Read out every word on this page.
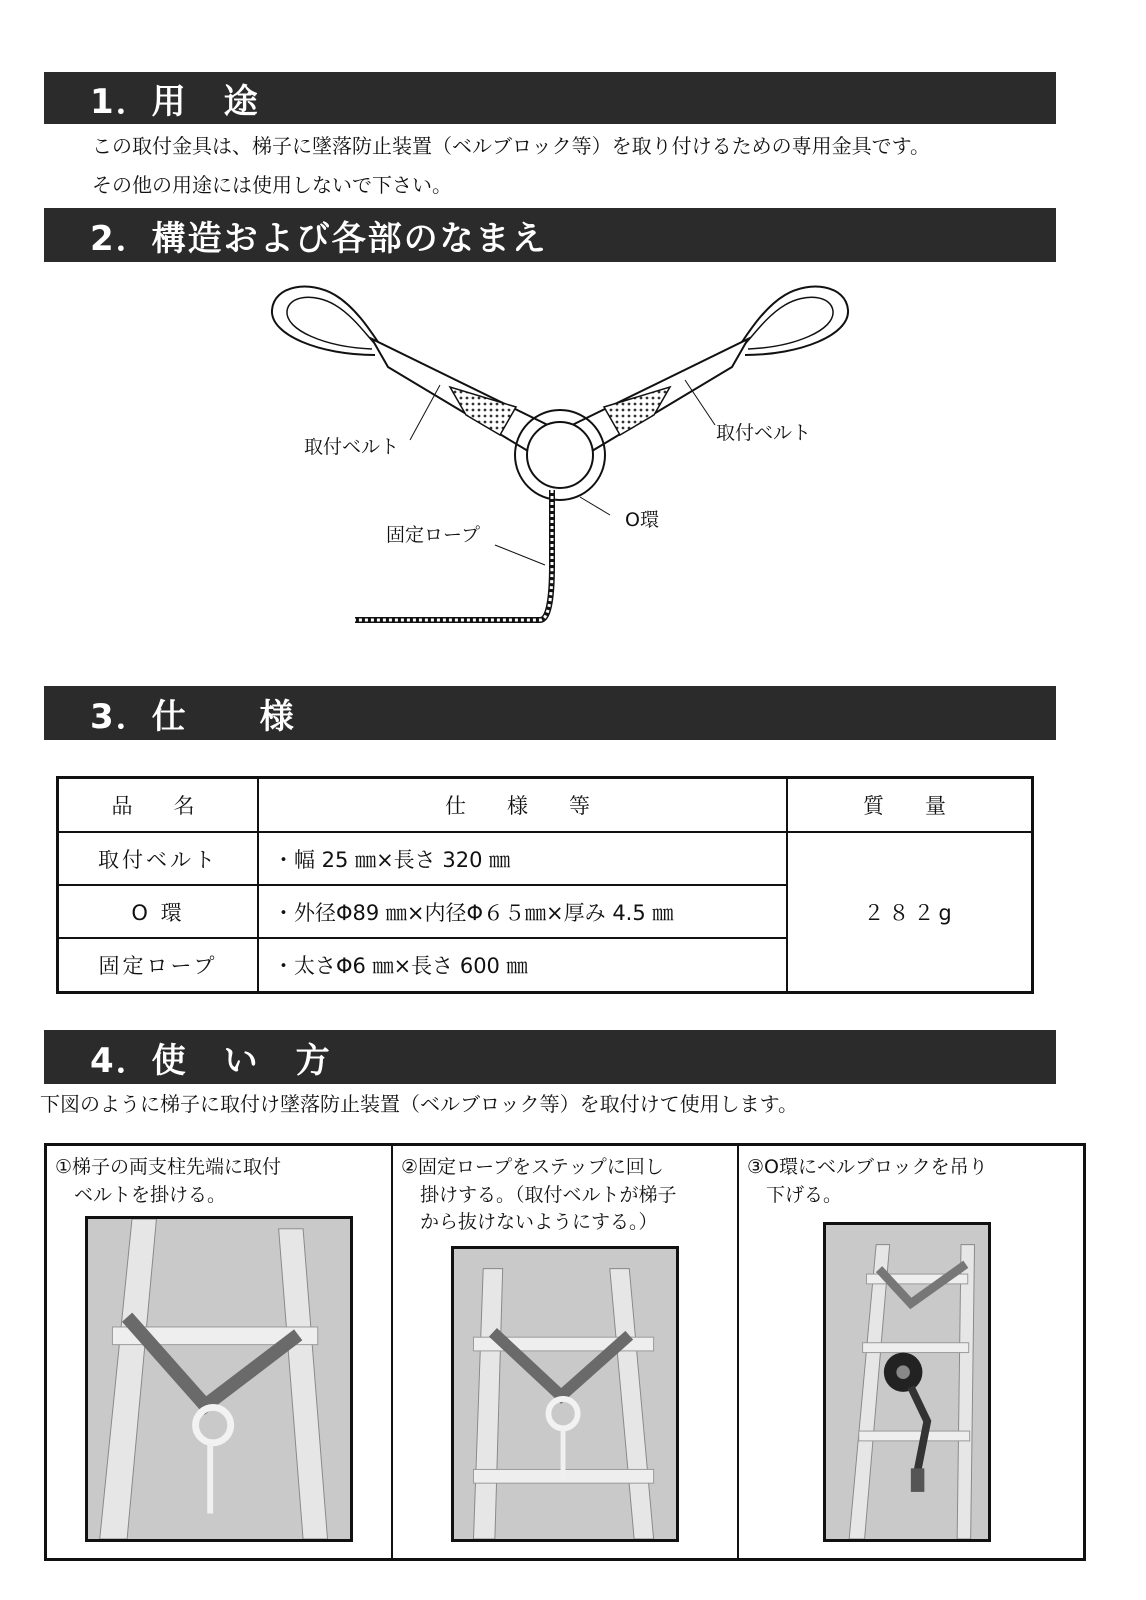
1．用　途
この取付金具は、梯子に墜落防止装置（ベルブロック等）を取り付けるための専用金具です。
その他の用途には使用しないで下さい。
2．構造および各部のなまえ
取付ベルト
取付ベルト
O環
固定ロープ
3．仕　　様
品　名	仕　様　等	質　量
取付ベルト	・幅 25 ㎜×長さ 320 ㎜	２８２g
O 環	・外径Φ89 ㎜×内径Φ６５㎜×厚み 4.5 ㎜	
固定ロープ	・太さΦ6 ㎜×長さ 600 ㎜	
4．使　い　方
下図のように梯子に取付け墜落防止装置（ベルブロック等）を取付けて使用します。
①梯子の両支柱先端に取付
　ベルトを掛ける。
②固定ロープをステップに回し
　掛けする。（取付ベルトが梯子
　から抜けないようにする。）
③O環にベルブロックを吊り
　下げる。
